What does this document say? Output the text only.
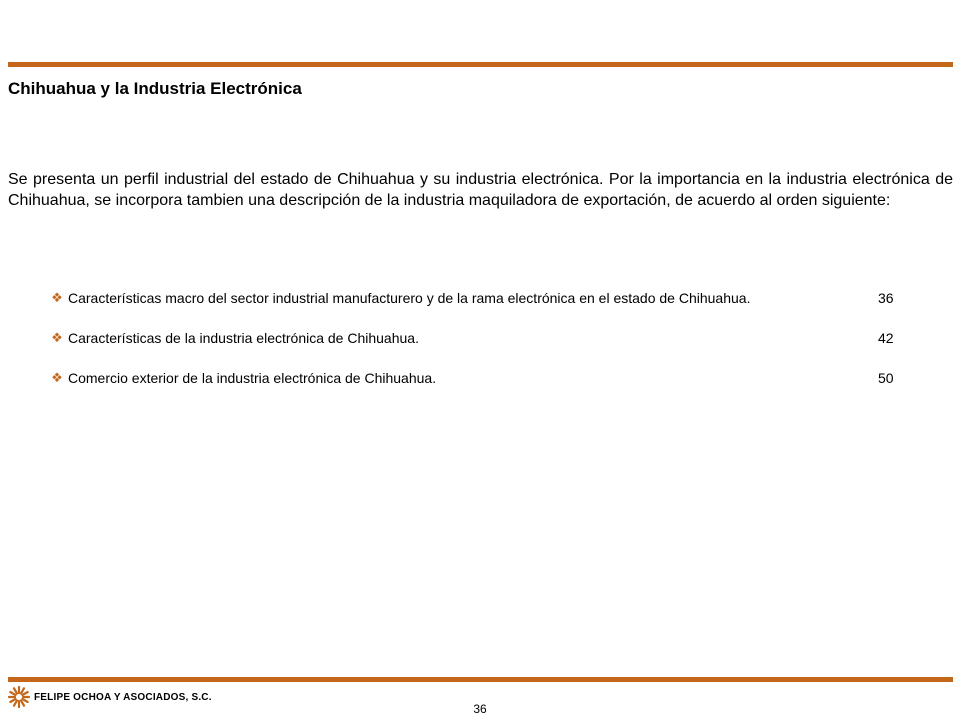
Chihuahua y la Industria Electrónica
Se presenta un perfil industrial del estado de Chihuahua y su industria electrónica. Por la importancia en la industria electrónica de Chihuahua, se incorpora tambien una descripción de la industria maquiladora de exportación, de acuerdo al orden siguiente:
❖ Características macro del sector industrial manufacturero y de la rama electrónica en el estado de Chihuahua.	36
❖ Características de la industria electrónica de Chihuahua.	42
❖ Comercio exterior de la industria electrónica de Chihuahua.	50
FELIPE OCHOA Y ASOCIADOS, S.C.
36
